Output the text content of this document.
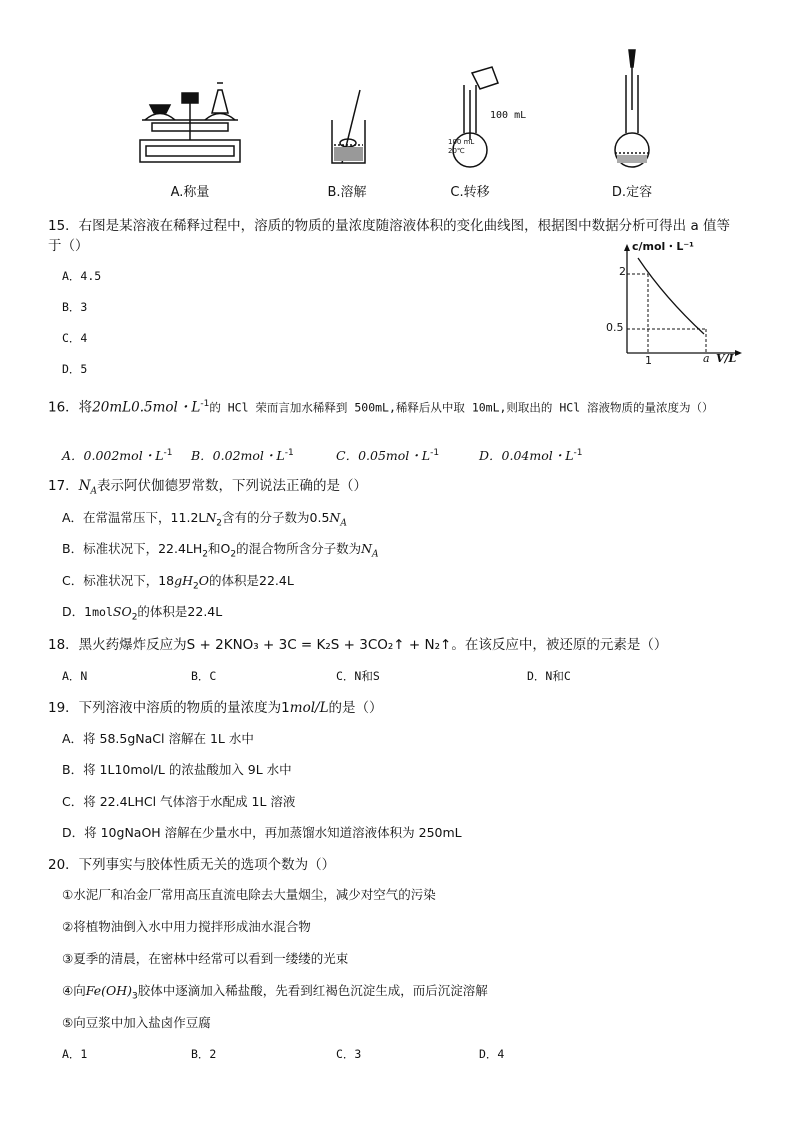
100 mL
100 mL
20℃
A.称量	B.溶解	C.转移	D.定容
15．右图是某溶液在稀释过程中，溶质的物质的量浓度随溶液体积的变化曲线图，根据图中数据分析可得出 a 值等于（）
A．4.5
B．3
C．4
D．5
c/mol・L⁻¹
2
0.5
1	a V/L
16．将20mL0.5mol・$L^{-1}$的 HCl 荣而言加水稀释到 500mL,稀释后从中取 10mL,则取出的 HCl 溶液物质的量浓度为（）
A．0.002mol・$L^{-1}$ B．0.02mol・$L^{-1}$	C．0.05mol・$L^{-1}$	D．0.04mol・$L^{-1}$
17．$N_A$表示阿伏伽德罗常数，下列说法正确的是（）
A．在常温常压下，$11.2LN_2$含有的分子数为$0.5N_A$
B．标准状况下，$22.4LH_2$和$O_2$的混合物所含分子数为$N_A$
C．标准状况下，$18gH_2O$的体积是22.4L
D．1molSO$_2$的体积是22.4L
18．黑火药爆炸反应为S + 2KNO₃ + 3C = K₂S + 3CO₂↑ + N₂↑。在该反应中，被还原的元素是（）
A．N	B．C	C．N和S	D．N和C
19．下列溶液中溶质的物质的量浓度为1mol/L的是（）
A．将 58.5gNaCl 溶解在 1L 水中
B．将 1L10mol/L 的浓盐酸加入 9L 水中
C．将 22.4LHCl 气体溶于水配成 1L 溶液
D．将 10gNaOH 溶解在少量水中，再加蒸馏水知道溶液体积为 250mL
20．下列事实与胶体性质无关的选项个数为（）
①水泥厂和冶金厂常用高压直流电除去大量烟尘，减少对空气的污染
②将植物油倒入水中用力搅拌形成油水混合物
③夏季的清晨，在密林中经常可以看到一缕缕的光束
④向$Fe(OH)_3$胶体中逐滴加入稀盐酸，先看到红褐色沉淀生成，而后沉淀溶解
⑤向豆浆中加入盐卤作豆腐
A．1	B．2	C．3	D．4
